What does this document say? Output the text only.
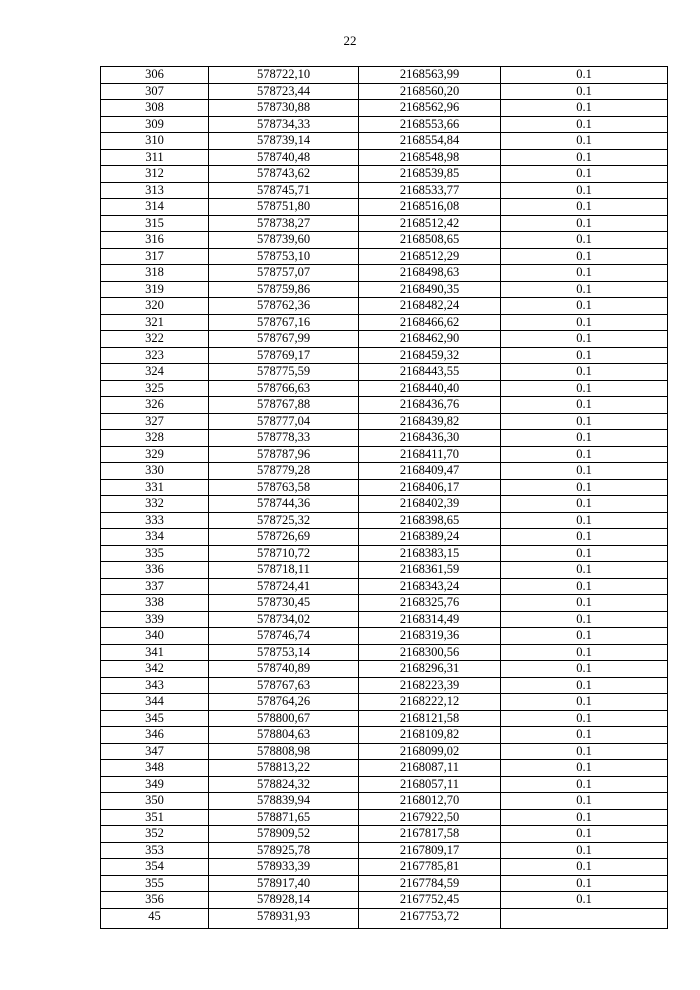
22
306	578722,10	2168563,99	0.1
307	578723,44	2168560,20	0.1
308	578730,88	2168562,96	0.1
309	578734,33	2168553,66	0.1
310	578739,14	2168554,84	0.1
311	578740,48	2168548,98	0.1
312	578743,62	2168539,85	0.1
313	578745,71	2168533,77	0.1
314	578751,80	2168516,08	0.1
315	578738,27	2168512,42	0.1
316	578739,60	2168508,65	0.1
317	578753,10	2168512,29	0.1
318	578757,07	2168498,63	0.1
319	578759,86	2168490,35	0.1
320	578762,36	2168482,24	0.1
321	578767,16	2168466,62	0.1
322	578767,99	2168462,90	0.1
323	578769,17	2168459,32	0.1
324	578775,59	2168443,55	0.1
325	578766,63	2168440,40	0.1
326	578767,88	2168436,76	0.1
327	578777,04	2168439,82	0.1
328	578778,33	2168436,30	0.1
329	578787,96	2168411,70	0.1
330	578779,28	2168409,47	0.1
331	578763,58	2168406,17	0.1
332	578744,36	2168402,39	0.1
333	578725,32	2168398,65	0.1
334	578726,69	2168389,24	0.1
335	578710,72	2168383,15	0.1
336	578718,11	2168361,59	0.1
337	578724,41	2168343,24	0.1
338	578730,45	2168325,76	0.1
339	578734,02	2168314,49	0.1
340	578746,74	2168319,36	0.1
341	578753,14	2168300,56	0.1
342	578740,89	2168296,31	0.1
343	578767,63	2168223,39	0.1
344	578764,26	2168222,12	0.1
345	578800,67	2168121,58	0.1
346	578804,63	2168109,82	0.1
347	578808,98	2168099,02	0.1
348	578813,22	2168087,11	0.1
349	578824,32	2168057,11	0.1
350	578839,94	2168012,70	0.1
351	578871,65	2167922,50	0.1
352	578909,52	2167817,58	0.1
353	578925,78	2167809,17	0.1
354	578933,39	2167785,81	0.1
355	578917,40	2167784,59	0.1
356	578928,14	2167752,45	0.1
45	578931,93	2167753,72	
